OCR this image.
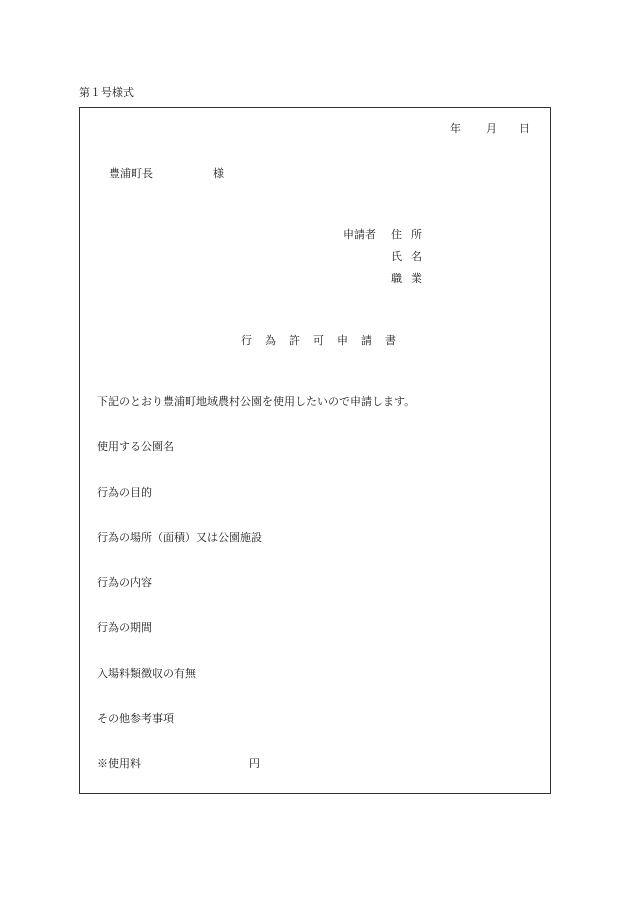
第１号様式
年 月 日
豊浦町長	様
申請者 住所
氏名
職業
行為許可申請書
下記のとおり豊浦町地域農村公園を使用したいので申請します。
使用する公園名
行為の目的
行為の場所（面積）又は公園施設
行為の内容
行為の期間
入場料類徴収の有無
その他参考事項
※使用料	円
